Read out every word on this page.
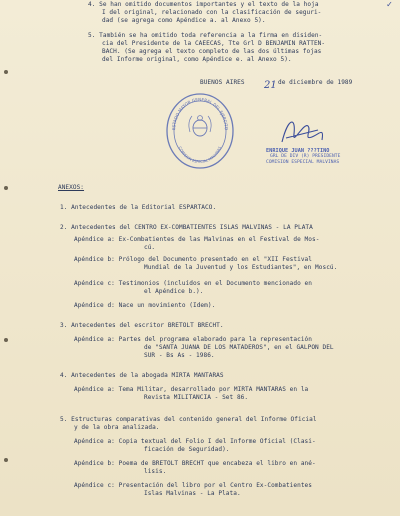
✓
4. Se han omitido documentos importantes y el texto de la hoja
I del original, relacionado con la clasificación de seguri-
dad (se agrega como Apéndice a. al Anexo 5).
5. También se ha omitido toda referencia a la firma en disiden-
cia del Presidente de la CAEECAS, Tte Grl D BENJAMIN RATTEN-
BACH. (Se agrega el texto completo de las dos últimas fojas
del Informe original, como Apéndice e. al Anexo 5).
BUENOS AIRES 21 de diciembre de 1989
ESTADO MAYOR GENERAL DEL EJERCITO
COMISION ESPECIAL MALVINAS
ENRIQUE JUAN ???TINO
GRL DE DIV (R) PRESIDENTE
COMISION ESPECIAL MALVINAS
ANEXOS:
1. Antecedentes de la Editorial ESPARTACO.
2. Antecedentes del CENTRO EX-COMBATIENTES ISLAS MALVINAS - LA PLATA
Apéndice a: Ex-Combatientes de las Malvinas en el Festival de Mos-
cú.
Apéndice b: Prólogo del Documento presentado en el "XII Festival
Mundial de la Juventud y los Estudiantes", en Moscú.
Apéndice c: Testimonios (incluídos en el Documento mencionado en
el Apéndice b.).
Apéndice d: Nace un movimiento (Idem).
3. Antecedentes del escritor BRETOLT BRECHT.
Apéndice a: Partes del programa elaborado para la representación
de "SANTA JUANA DE LOS MATADEROS", en el GALPON DEL
SUR - Bs As - 1986.
4. Antecedentes de la abogada MIRTA MANTARAS
Apéndice a: Tema Militar, desarrollado por MIRTA MANTARAS en la
Revista MILITANCIA - Set 86.
5. Estructuras comparativas del contenido general del Informe Oficial
y de la obra analizada.
Apéndice a: Copia textual del Folio I del Informe Oficial (Clasi-
ficación de Seguridad).
Apéndice b: Poema de BRETOLT BRECHT que encabeza el libro en ané-
lisis.
Apéndice c: Presentación del libro por el Centro Ex-Combatientes
Islas Malvinas - La Plata.
